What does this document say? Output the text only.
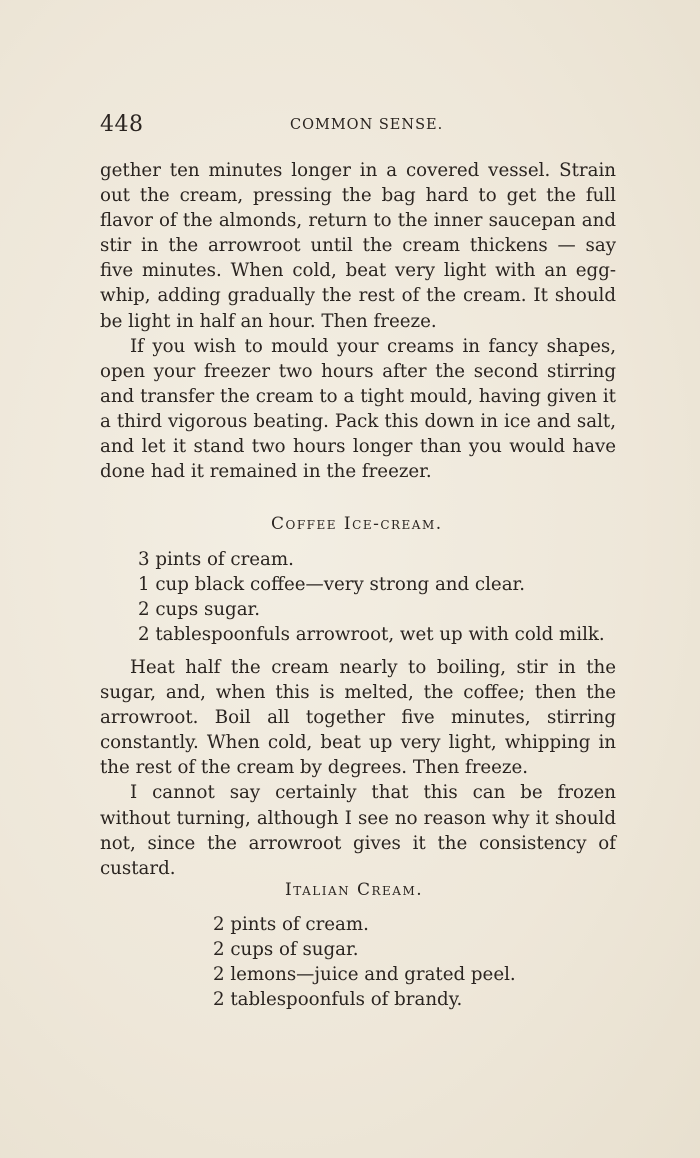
448	COMMON SENSE.

gether ten minutes longer in a covered vessel. Strain out the cream, pressing the bag hard to get the full flavor of the almonds, return to the inner saucepan and stir in the arrowroot until the cream thickens — say five minutes. When cold, beat very light with an egg-whip, adding gradually the rest of the cream. It should be light in half an hour. Then freeze.

If you wish to mould your creams in fancy shapes, open your freezer two hours after the second stirring and transfer the cream to a tight mould, having given it a third vigorous beating. Pack this down in ice and salt, and let it stand two hours longer than you would have done had it remained in the freezer.

Coffee Ice-cream.
3 pints of cream.
1 cup black coffee—very strong and clear.
2 cups sugar.
2 tablespoonfuls arrowroot, wet up with cold milk.

Heat half the cream nearly to boiling, stir in the sugar, and, when this is melted, the coffee; then the arrowroot. Boil all together five minutes, stirring constantly. When cold, beat up very light, whipping in the rest of the cream by degrees. Then freeze.

I cannot say certainly that this can be frozen without turning, although I see no reason why it should not, since the arrowroot gives it the consistency of custard.

Italian Cream.
2 pints of cream.
2 cups of sugar.
2 lemons—juice and grated peel.
2 tablespoonfuls of brandy.
